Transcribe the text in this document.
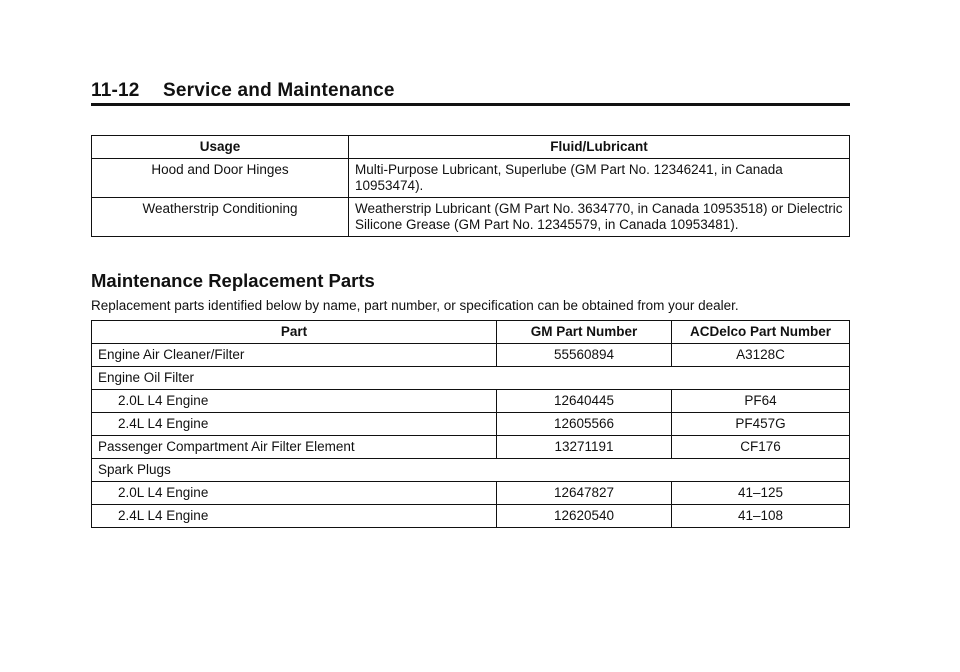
11-12 Service and Maintenance
Usage	Fluid/Lubricant
Hood and Door Hinges	Multi-Purpose Lubricant, Superlube (GM Part No. 12346241, in Canada 10953474).
Weatherstrip Conditioning	Weatherstrip Lubricant (GM Part No. 3634770, in Canada 10953518) or Dielectric Silicone Grease (GM Part No. 12345579, in Canada 10953481).
Maintenance Replacement Parts
Replacement parts identified below by name, part number, or specification can be obtained from your dealer.
Part	GM Part Number	ACDelco Part Number
Engine Air Cleaner/Filter	55560894	A3128C
Engine Oil Filter		
2.0L L4 Engine	12640445	PF64
2.4L L4 Engine	12605566	PF457G
Passenger Compartment Air Filter Element	13271191	CF176
Spark Plugs		
2.0L L4 Engine	12647827	41–125
2.4L L4 Engine	12620540	41–108
